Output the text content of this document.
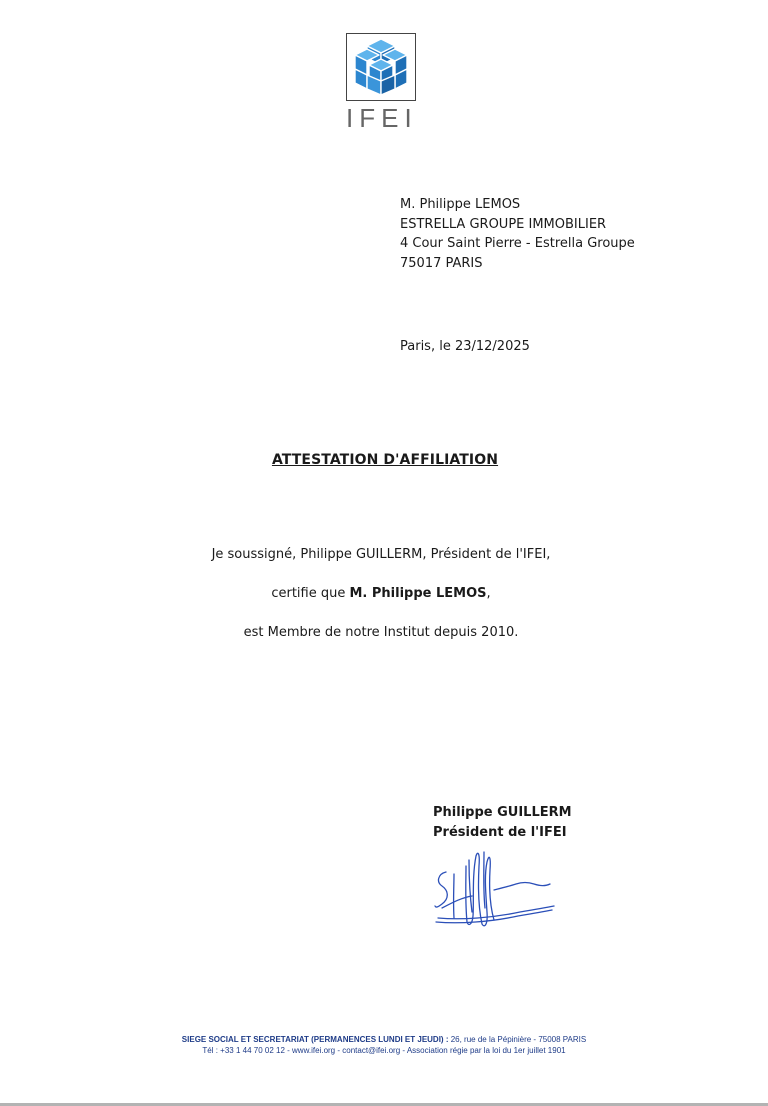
IFEI
M. Philippe LEMOS
ESTRELLA GROUPE IMMOBILIER
4 Cour Saint Pierre - Estrella Groupe
75017 PARIS
Paris, le 23/12/2025
ATTESTATION D'AFFILIATION
Je soussigné, Philippe GUILLERM, Président de l'IFEI,
certifie que M. Philippe LEMOS,
est Membre de notre Institut depuis 2010.
Philippe GUILLERM
Président de l'IFEI
SIEGE SOCIAL ET SECRETARIAT (PERMANENCES LUNDI ET JEUDI) : 26, rue de la Pépinière - 75008 PARIS
Tél : +33 1 44 70 02 12 - www.ifei.org - contact@ifei.org - Association régie par la loi du 1er juillet 1901
